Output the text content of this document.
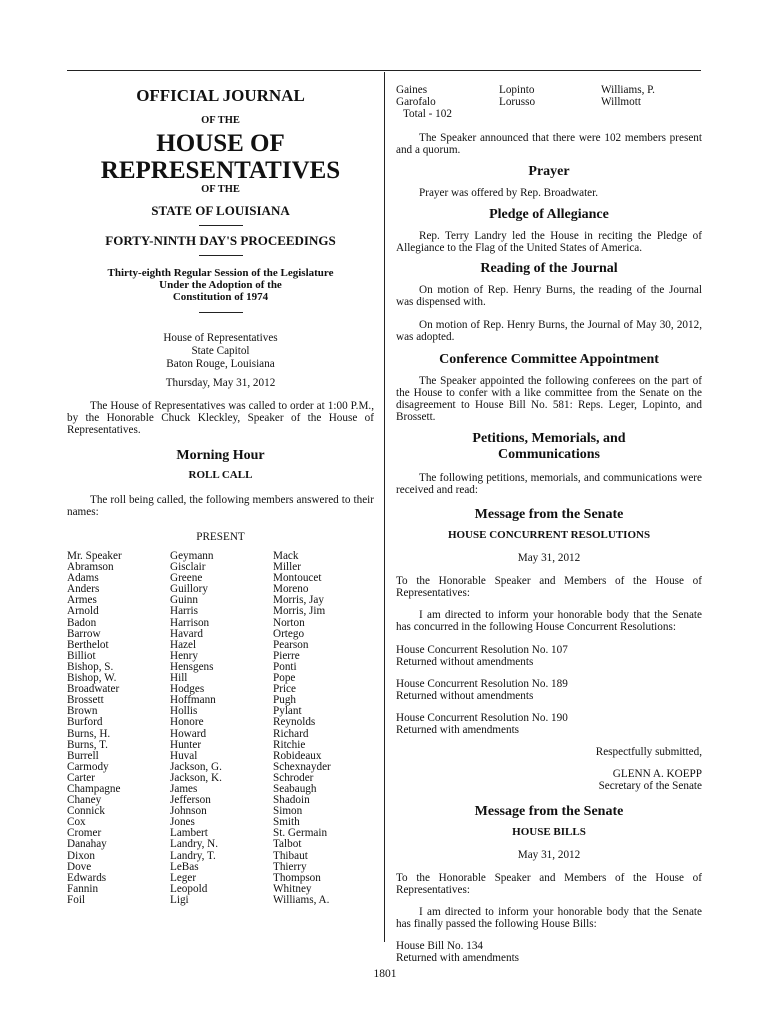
OFFICIAL JOURNAL
OF THE
HOUSE OF
REPRESENTATIVES
OF THE
STATE OF LOUISIANA
FORTY-NINTH DAY'S PROCEEDINGS
Thirty-eighth Regular Session of the Legislature
Under the Adoption of the
Constitution of 1974
House of Representatives
State Capitol
Baton Rouge, Louisiana
Thursday, May 31, 2012

The House of Representatives was called to order at 1:00 P.M., by the Honorable Chuck Kleckley, Speaker of the House of Representatives.

Morning Hour
ROLL CALL

The roll being called, the following members answered to their names:

PRESENT
Mr. Speaker
Abramson
Adams
Anders
Armes
Arnold
Badon
Barrow
Berthelot
Billiot
Bishop, S.
Bishop, W.
Broadwater
Brossett
Brown
Burford
Burns, H.
Burns, T.
Burrell
Carmody
Carter
Champagne
Chaney
Connick
Cox
Cromer
Danahay
Dixon
Dove
Edwards
Fannin
Foil
Geymann
Gisclair
Greene
Guillory
Guinn
Harris
Harrison
Havard
Hazel
Henry
Hensgens
Hill
Hodges
Hoffmann
Hollis
Honore
Howard
Hunter
Huval
Jackson, G.
Jackson, K.
James
Jefferson
Johnson
Jones
Lambert
Landry, N.
Landry, T.
LeBas
Leger
Leopold
Ligi
Mack
Miller
Montoucet
Moreno
Morris, Jay
Morris, Jim
Norton
Ortego
Pearson
Pierre
Ponti
Pope
Price
Pugh
Pylant
Reynolds
Richard
Ritchie
Robideaux
Schexnayder
Schroder
Seabaugh
Shadoin
Simon
Smith
St. Germain
Talbot
Thibaut
Thierry
Thompson
Whitney
Williams, A.
Gaines
Garofalo
Lopinto
Lorusso
Williams, P.
Willmott
Total - 102

The Speaker announced that there were 102 members present and a quorum.

Prayer

Prayer was offered by Rep. Broadwater.

Pledge of Allegiance

Rep. Terry Landry led the House in reciting the Pledge of Allegiance to the Flag of the United States of America.

Reading of the Journal

On motion of Rep. Henry Burns, the reading of the Journal was dispensed with.

On motion of Rep. Henry Burns, the Journal of May 30, 2012, was adopted.

Conference Committee Appointment

The Speaker appointed the following conferees on the part of the House to confer with a like committee from the Senate on the disagreement to House Bill No. 581: Reps. Leger, Lopinto, and Brossett.

Petitions, Memorials, and
Communications

The following petitions, memorials, and communications were received and read:

Message from the Senate
HOUSE CONCURRENT RESOLUTIONS
May 31, 2012

To the Honorable Speaker and Members of the House of Representatives:

I am directed to inform your honorable body that the Senate has concurred in the following House Concurrent Resolutions:

House Concurrent Resolution No. 107
Returned without amendments
House Concurrent Resolution No. 189
Returned without amendments
House Concurrent Resolution No. 190
Returned with amendments
Respectfully submitted,
GLENN A. KOEPP
Secretary of the Senate
Message from the Senate
HOUSE BILLS
May 31, 2012

To the Honorable Speaker and Members of the House of Representatives:

I am directed to inform your honorable body that the Senate has finally passed the following House Bills:

House Bill No. 134
Returned with amendments
1801
